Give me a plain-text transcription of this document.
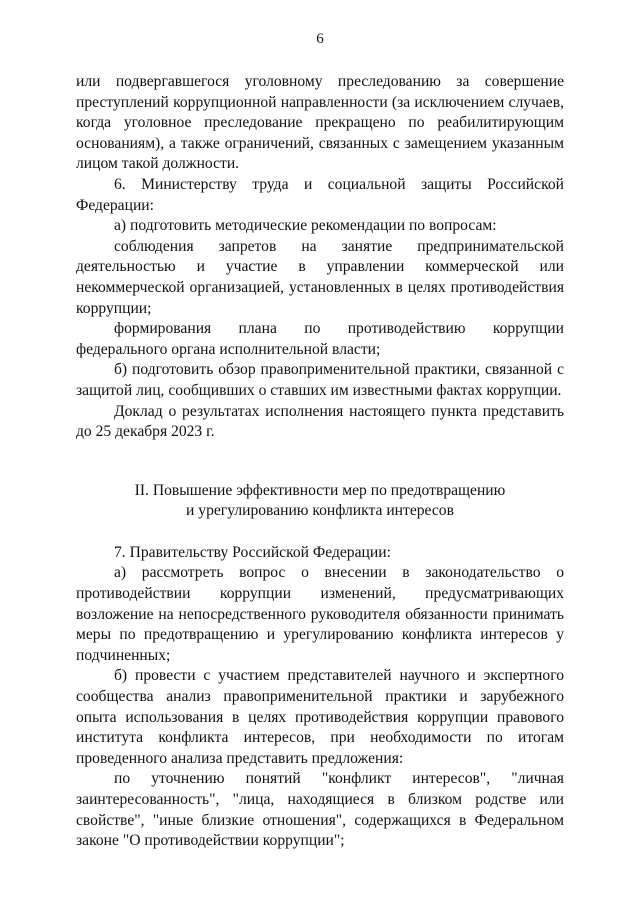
6

или подвергавшегося уголовному преследованию за совершение преступлений коррупционной направленности (за исключением случаев, когда уголовное преследование прекращено по реабилитирующим основаниям), а также ограничений, связанных с замещением указанным лицом такой должности.

6. Министерству труда и социальной защиты Российской Федерации:

а) подготовить методические рекомендации по вопросам:

соблюдения запретов на занятие предпринимательской деятельностью и участие в управлении коммерческой или некоммерческой организацией, установленных в целях противодействия коррупции;

формирования плана по противодействию коррупции федерального органа исполнительной власти;

б) подготовить обзор правоприменительной практики, связанной с защитой лиц, сообщивших о ставших им известными фактах коррупции.

Доклад о результатах исполнения настоящего пункта представить до 25 декабря 2023 г.

II. Повышение эффективности мер по предотвращению
и урегулированию конфликта интересов

7. Правительству Российской Федерации:

а) рассмотреть вопрос о внесении в законодательство о противодействии коррупции изменений, предусматривающих возложение на непосредственного руководителя обязанности принимать меры по предотвращению и урегулированию конфликта интересов у подчиненных;

б) провести с участием представителей научного и экспертного сообщества анализ правоприменительной практики и зарубежного опыта использования в целях противодействия коррупции правового института конфликта интересов, при необходимости по итогам проведенного анализа представить предложения:

по уточнению понятий "конфликт интересов", "личная заинтересованность", "лица, находящиеся в близком родстве или свойстве", "иные близкие отношения", содержащихся в Федеральном законе "О противодействии коррупции";
